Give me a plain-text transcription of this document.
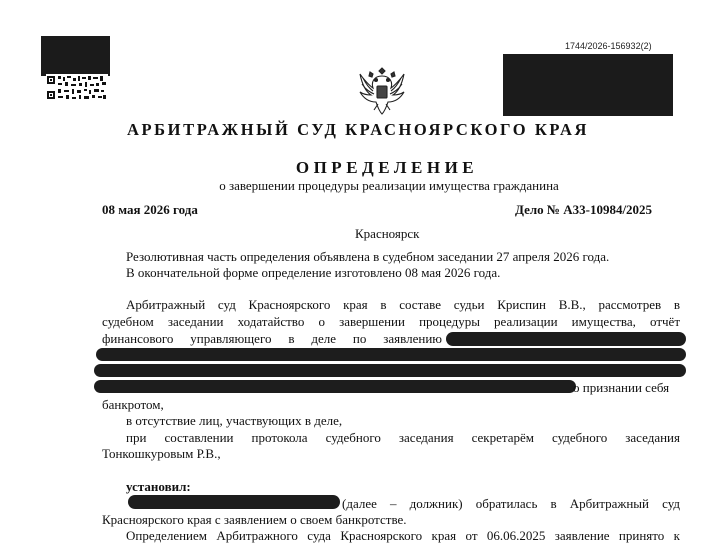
1744/2026-156932(2)
АРБИТРАЖНЫЙ СУД КРАСНОЯРСКОГО КРАЯ
ОПРЕДЕЛЕНИЕ
о завершении процедуры реализации имущества гражданина
08 мая 2026 года	Дело № А33-10984/2025
Красноярск
Резолютивная часть определения объявлена в судебном заседании 27 апреля 2026 года.
В окончательной форме определение изготовлено 08 мая 2026 года.
Арбитражный суд Красноярского края в составе судьи Криспин В.В., рассмотрев в
судебном заседании ходатайство о завершении процедуры реализации имущества, отчёт
финансового управляющего в деле по заявлению
о признании себя
банкротом,
в отсутствие лиц, участвующих в деле,
при составлении протокола судебного заседания секретарём судебного заседания
Тонкошкуровым Р.В.,
установил:
(далее – должник) обратилась в Арбитражный суд
Красноярского края с заявлением о своем банкротстве.
Определением Арбитражного суда Красноярского края от 06.06.2025 заявление принято к
